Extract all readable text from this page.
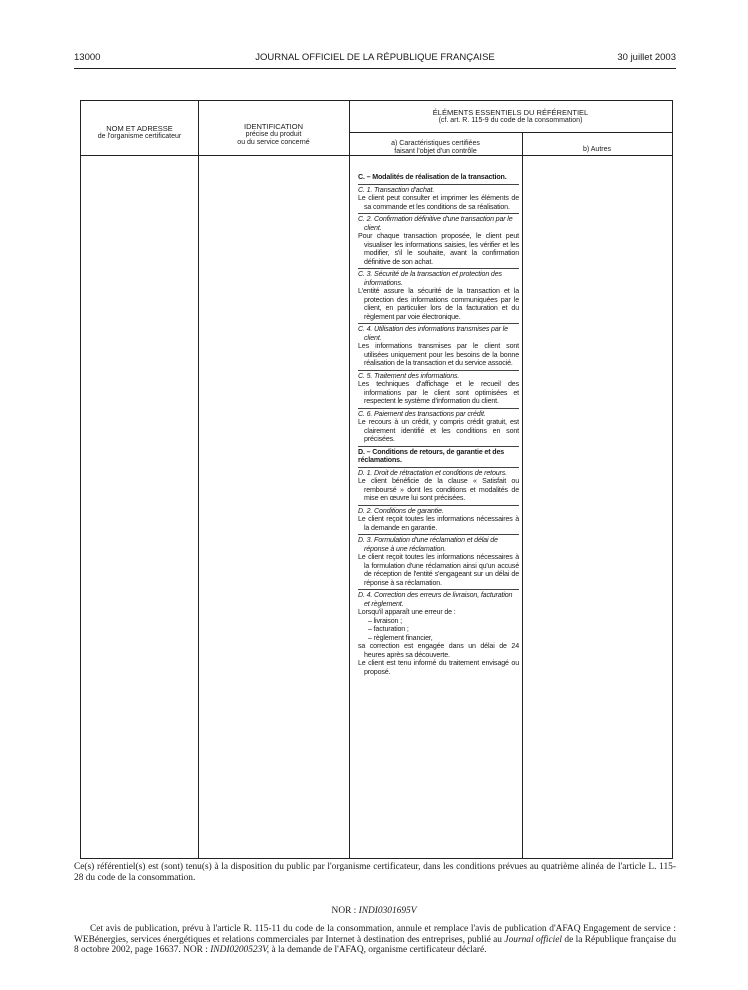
13000	JOURNAL OFFICIEL DE LA RÉPUBLIQUE FRANÇAISE	30 juillet 2003
NOM ET ADRESSE
de l'organisme certificateur
IDENTIFICATION
précise du produit
ou du service concerné
ÉLÉMENTS ESSENTIELS DU RÉFÉRENTIEL
(cf. art. R. 115-9 du code de la consommation)
a) Caractéristiques certifiées
faisant l'objet d'un contrôle	b) Autres
C. – Modalités de réalisation de la transaction.
C. 1. Transaction d'achat.
Le client peut consulter et imprimer les éléments de sa commande et les conditions de sa réalisation.
C. 2. Confirmation définitive d'une transaction par le client.
Pour chaque transaction proposée, le client peut visualiser les informations saisies, les vérifier et les modifier, s'il le souhaite, avant la confirmation définitive de son achat.
C. 3. Sécurité de la transaction et protection des informations.
L'entité assure la sécurité de la transaction et la protection des informations communiquées par le client, en particulier lors de la facturation et du règlement par voie électronique.
C. 4. Utilisation des informations transmises par le client.
Les informations transmises par le client sont utilisées uniquement pour les besoins de la bonne réalisation de la transaction et du service associé.
C. 5. Traitement des informations.
Les techniques d'affichage et le recueil des informations par le client sont optimisées et respectent le système d'information du client.
C. 6. Paiement des transactions par crédit.
Le recours à un crédit, y compris crédit gratuit, est clairement identifié et les conditions en sont précisées.
D. – Conditions de retours, de garantie et des réclamations.
D. 1. Droit de rétractation et conditions de retours.
Le client bénéficie de la clause « Satisfait ou remboursé » dont les conditions et modalités de mise en œuvre lui sont précisées.
D. 2. Conditions de garantie.
Le client reçoit toutes les informations nécessaires à la demande en garantie.
D. 3. Formulation d'une réclamation et délai de réponse à une réclamation.
Le client reçoit toutes les informations nécessaires à la formulation d'une réclamation ainsi qu'un accusé de réception de l'entité s'engageant sur un délai de réponse à sa réclamation.
D. 4. Correction des erreurs de livraison, facturation et règlement.
Lorsqu'il apparaît une erreur de :
– livraison ;
– facturation ;
– règlement financier,
sa correction est engagée dans un délai de 24 heures après sa découverte.
Le client est tenu informé du traitement envisagé ou proposé.
Ce(s) référentiel(s) est (sont) tenu(s) à la disposition du public par l'organisme certificateur, dans les conditions prévues au quatrième alinéa de l'article L. 115-28 du code de la consommation.
NOR : INDI0301695V
Cet avis de publication, prévu à l'article R. 115-11 du code de la consommation, annule et remplace l'avis de publication d'AFAQ Engagement de service : WEBénergies, services énergétiques et relations commerciales par Internet à destination des entreprises, publié au Journal officiel de la République française du 8 octobre 2002, page 16637. NOR : INDI0200523V, à la demande de l'AFAQ, organisme certificateur déclaré.
